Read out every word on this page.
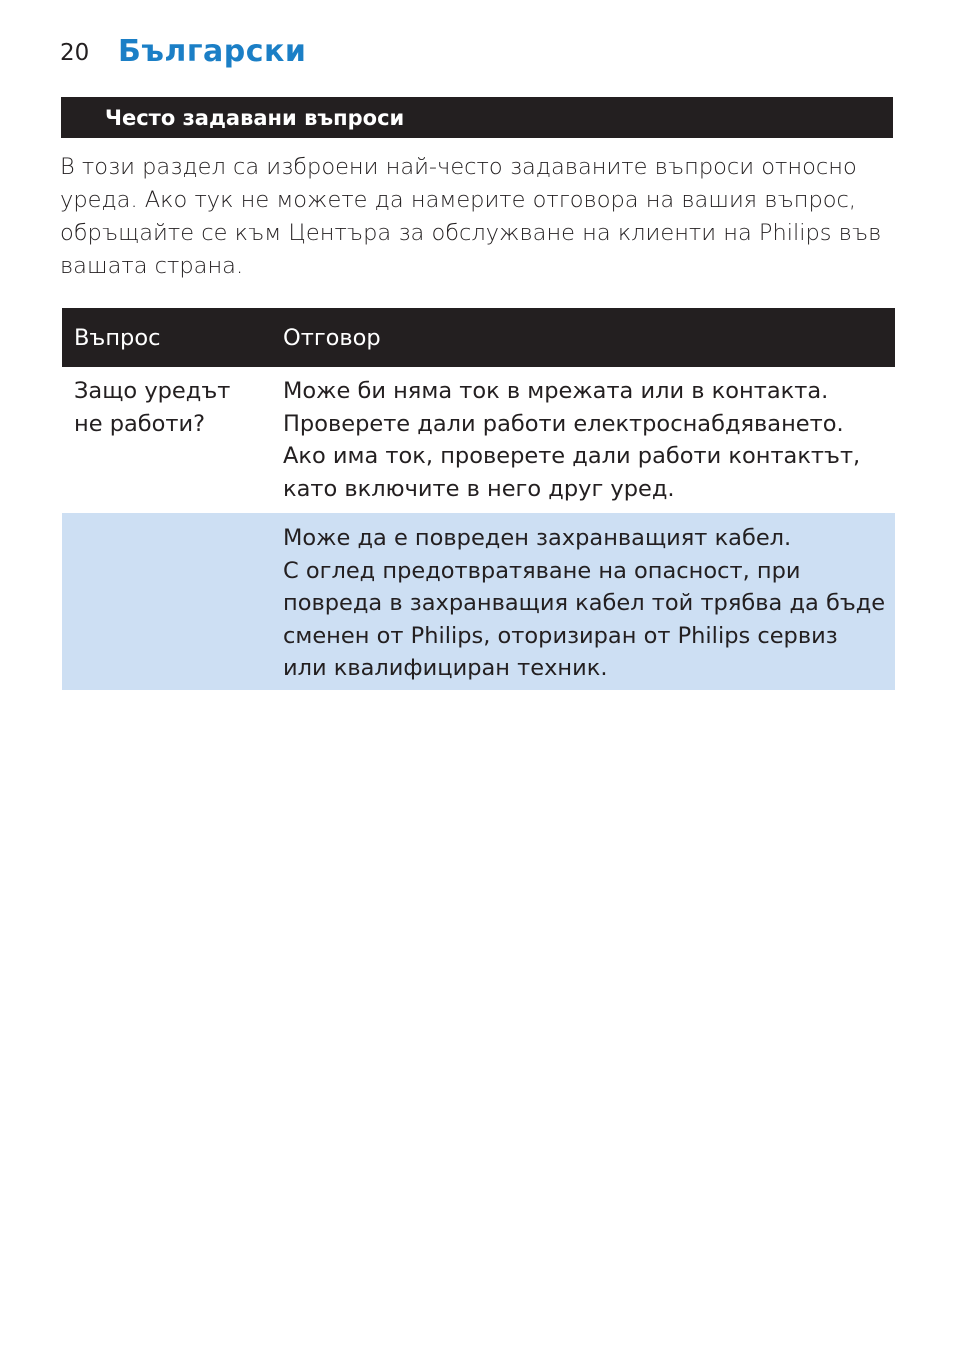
20 Български
Често задавани въпроси

В този раздел са изброени най-често задаваните въпроси относно
уреда. Ако тук не можете да намерите отговора на вашия въпрос,
обръщайте се към Центъра за обслужване на клиенти на Philips във
вашата страна.

Въпрос	Отговор

Защо уредът
не работи?	Може би няма ток в мрежата или в контакта.
Проверете дали работи електроснабдяването.
Ако има ток, проверете дали работи контактът,
като включите в него друг уред.

	Може да е повреден захранващият кабел.
С оглед предотвратяване на опасност, при
повреда в захранващия кабел той трябва да бъде
сменен от Philips, оторизиран от Philips сервиз
или квалифициран техник.
